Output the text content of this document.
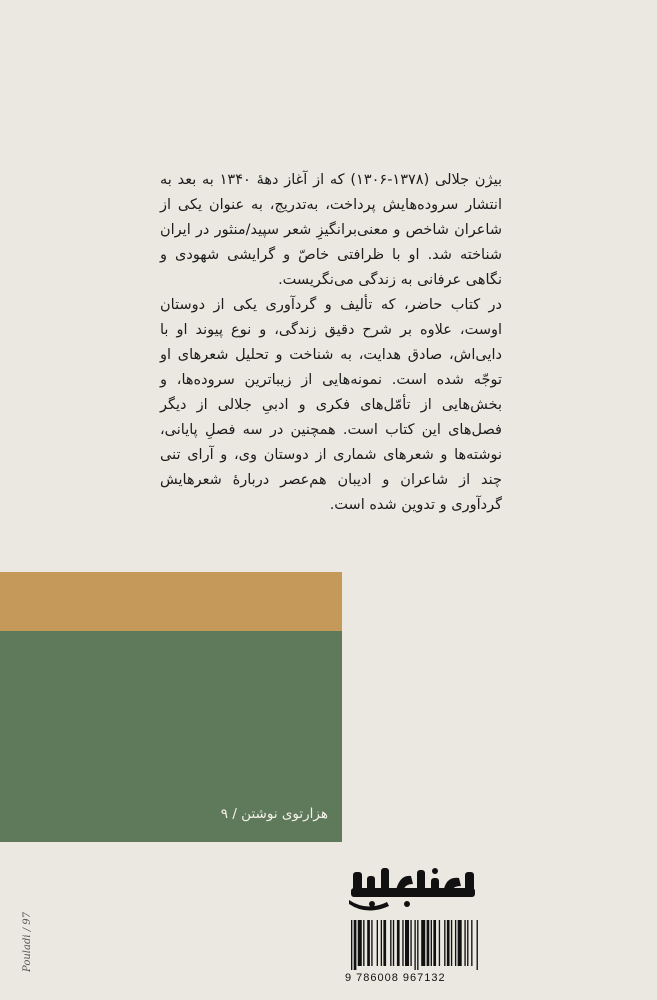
بیژن جلالی (۱۳۷۸-۱۳۰۶) که از آغاز دهۀ ۱۳۴۰ به بعد به انتشار سروده‌هایش پرداخت، به‌تدریج، به عنوان یکی از شاعران شاخص و معنی‌برانگیزِ شعر سپید/منثور در ایران شناخته شد. او با ظرافتی خاصّ و گرایشی شهودی و نگاهی عرفانی به زندگی می‌نگریست.

در کتاب حاضر، که تألیف و گردآوری یکی از دوستان اوست، علاوه بر شرح دقیق زندگی، و نوع پیوند او با دایی‌اش، صادق هدایت، به شناخت و تحلیل شعرهای او توجّه شده است. نمونه‌هایی از زیباترین سروده‌ها، و بخش‌هایی از تأمّل‌های فکری و ادبیِ جلالی از دیگر فصل‌های این کتاب است. همچنین در سه فصلِ پایانی، نوشته‌ها و شعرهای شماری از دوستان وی، و آرای تنی چند از شاعران و ادیبان هم‌عصر دربارۀ شعرهایش گردآوری و تدوین شده است.

هزارتوی نوشتن / ۹
9 786008 967132
Pouladi / 97
